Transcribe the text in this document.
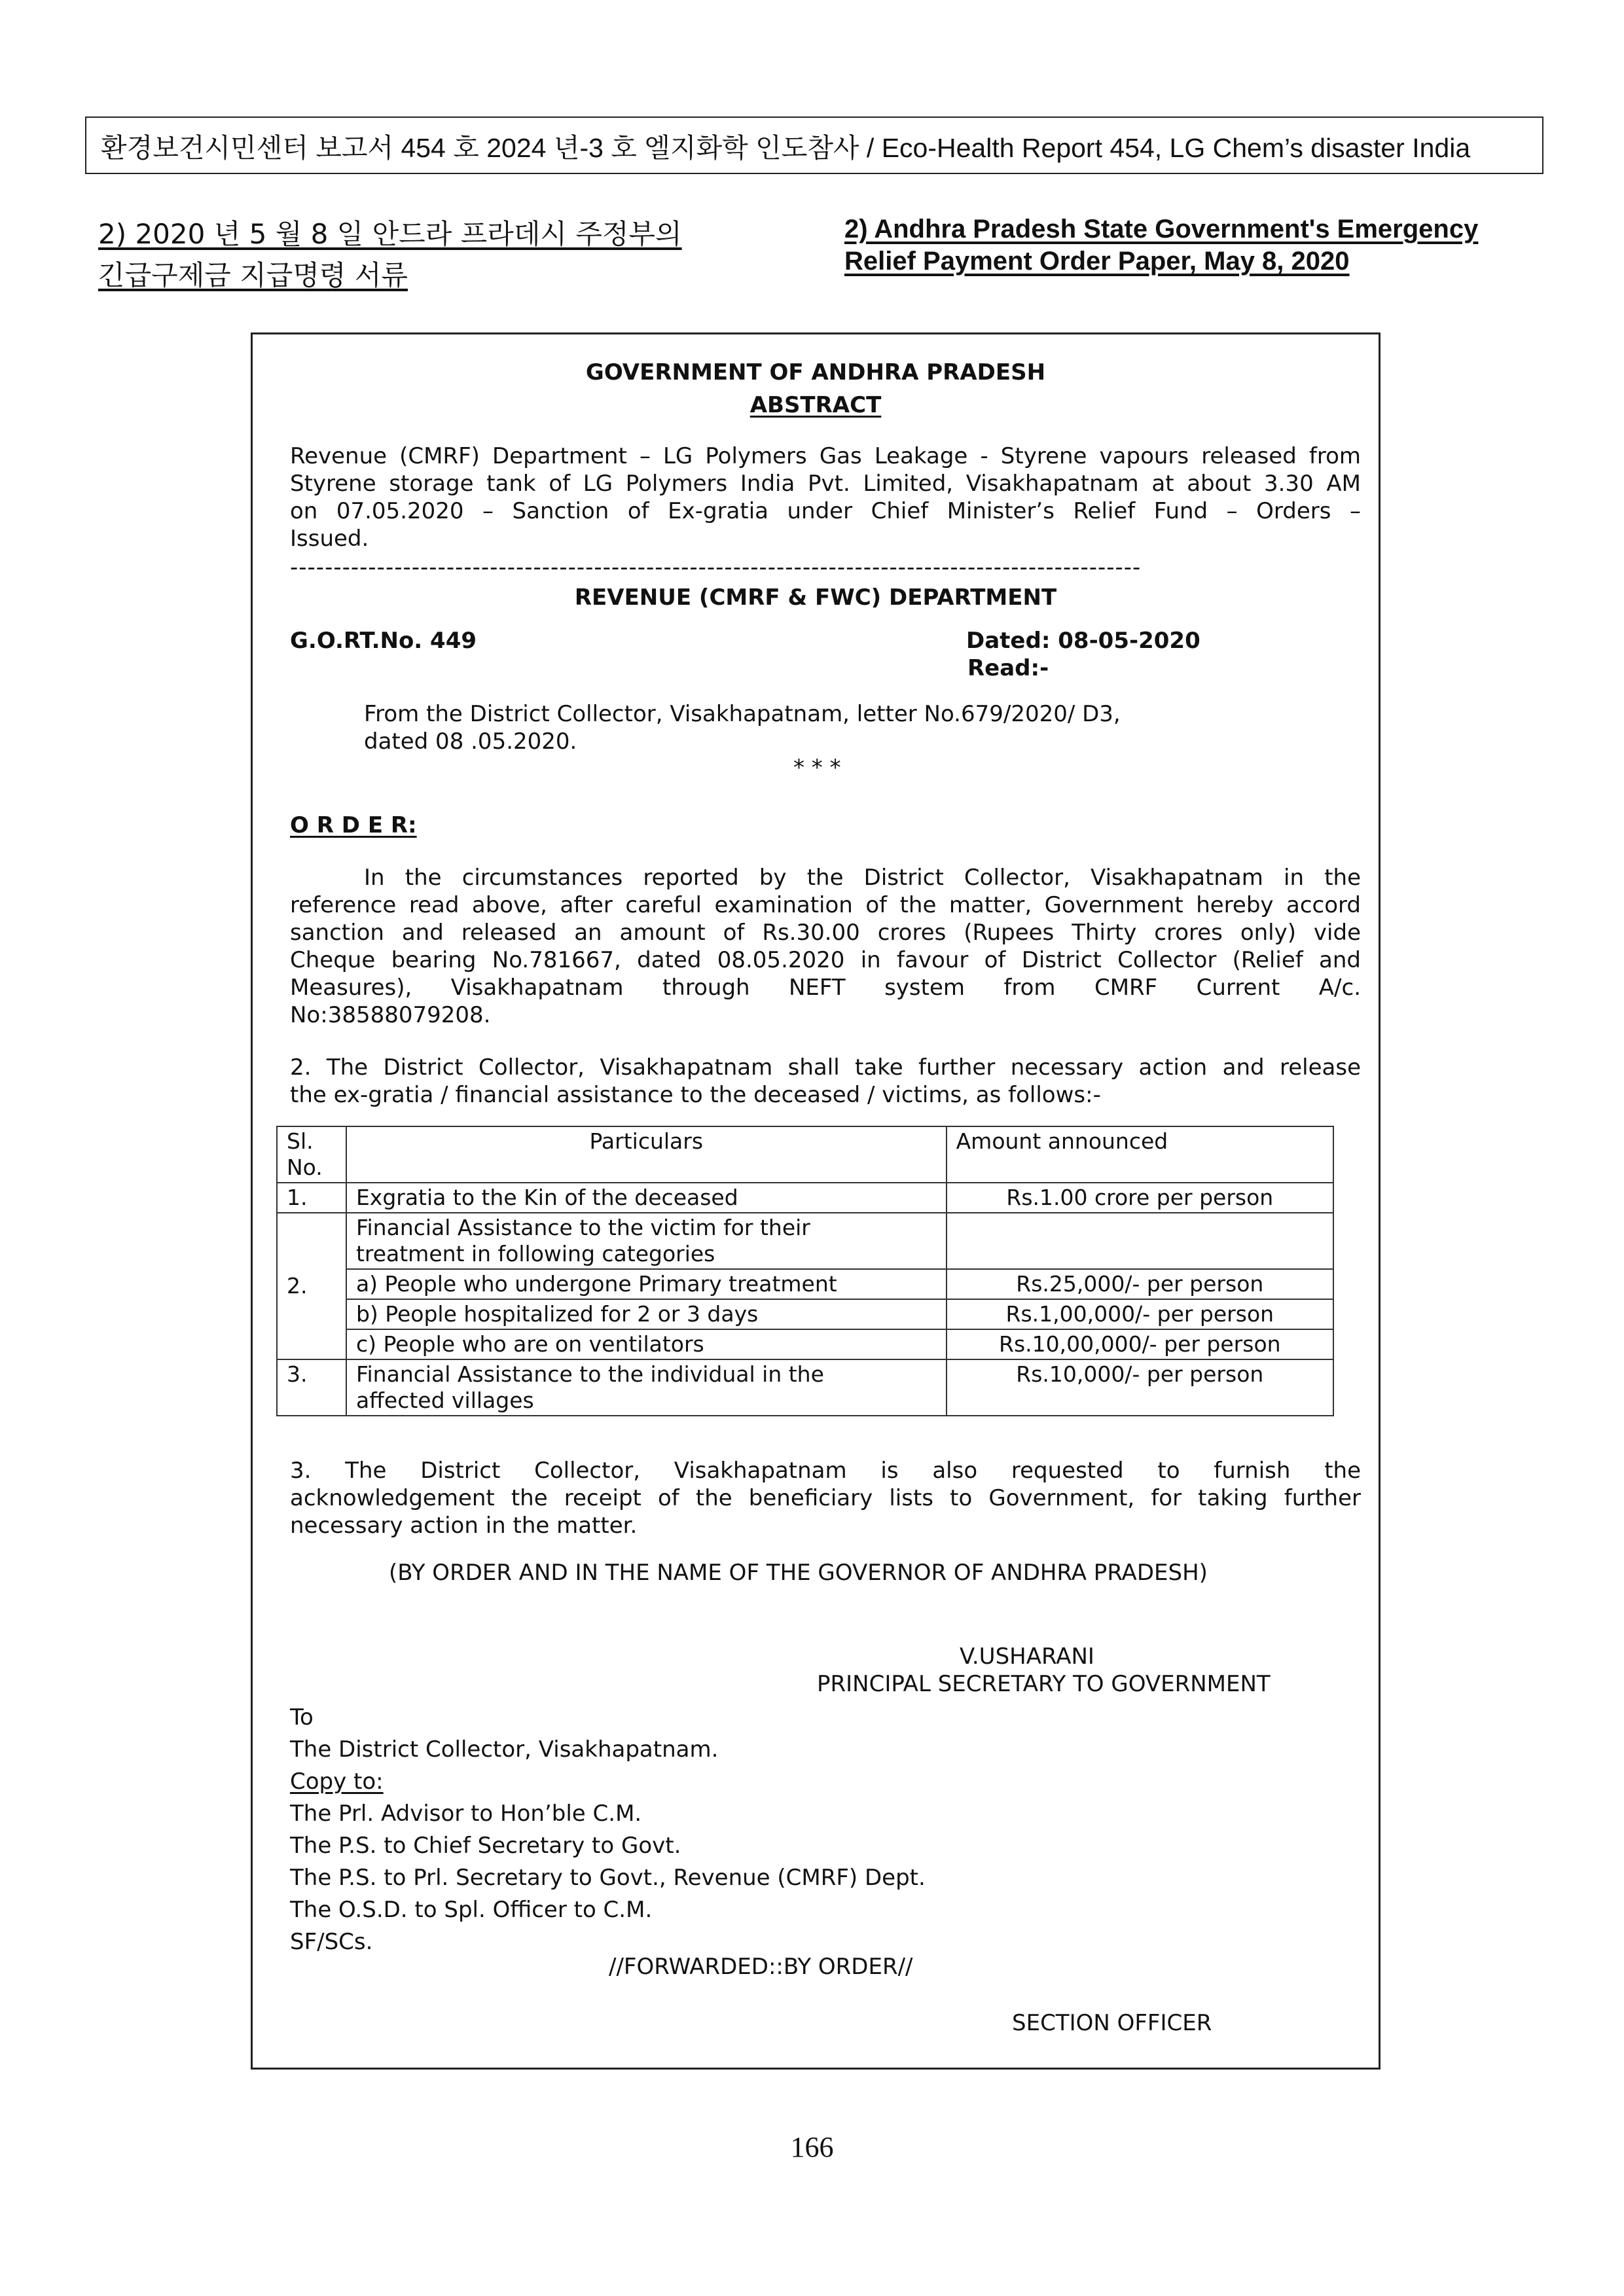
환경보건시민센터 보고서 454 호 2024 년-3 호 엘지화학 인도참사 / Eco-Health Report 454, LG Chem’s disaster India
2) 2020 년 5 월 8 일 안드라 프라데시 주정부의
긴급구제금 지급명령 서류
2) Andhra Pradesh State Government's Emergency
Relief Payment Order Paper, May 8, 2020
GOVERNMENT OF ANDHRA PRADESH
ABSTRACT
Revenue (CMRF) Department – LG Polymers Gas Leakage - Styrene vapours released from
Styrene storage tank of LG Polymers India Pvt. Limited, Visakhapatnam at about 3.30 AM
on 07.05.2020 – Sanction of Ex-gratia under Chief Minister’s Relief Fund – Orders –
Issued.
--------------------------------------------------------------------------------------------------
REVENUE (CMRF & FWC) DEPARTMENT
G.O.RT.No. 449	Dated: 08-05-2020
Read:-
From the District Collector, Visakhapatnam, letter No.679/2020/ D3,
dated 08 .05.2020.
* * *
O R D E R:
In the circumstances reported by the District Collector, Visakhapatnam in the
reference read above, after careful examination of the matter, Government hereby accord
sanction and released an amount of Rs.30.00 crores (Rupees Thirty crores only) vide
Cheque bearing No.781667, dated 08.05.2020 in favour of District Collector (Relief and
Measures), Visakhapatnam through NEFT system from CMRF Current A/c.
No:38588079208.
2. The District Collector, Visakhapatnam shall take further necessary action and release
the ex-gratia / financial assistance to the deceased / victims, as follows:-
Sl. No.	Particulars	Amount announced
1.	Exgratia to the Kin of the deceased	Rs.1.00 crore per person
2.	Financial Assistance to the victim for their
treatment in following categories	
	a) People who undergone Primary treatment	Rs.25,000/- per person
	b) People hospitalized for 2 or 3 days	Rs.1,00,000/- per person
	c) People who are on ventilators	Rs.10,00,000/- per person
3.	Financial Assistance to the individual in the
affected villages	Rs.10,000/- per person
3. The District Collector, Visakhapatnam is also requested to furnish the
acknowledgement the receipt of the beneficiary lists to Government, for taking further
necessary action in the matter.
(BY ORDER AND IN THE NAME OF THE GOVERNOR OF ANDHRA PRADESH)
V.USHARANI
PRINCIPAL SECRETARY TO GOVERNMENT
To
The District Collector, Visakhapatnam.
Copy to:
The Prl. Advisor to Hon’ble C.M.
The P.S. to Chief Secretary to Govt.
The P.S. to Prl. Secretary to Govt., Revenue (CMRF) Dept.
The O.S.D. to Spl. Officer to C.M.
SF/SCs.
//FORWARDED::BY ORDER//
SECTION OFFICER
166
